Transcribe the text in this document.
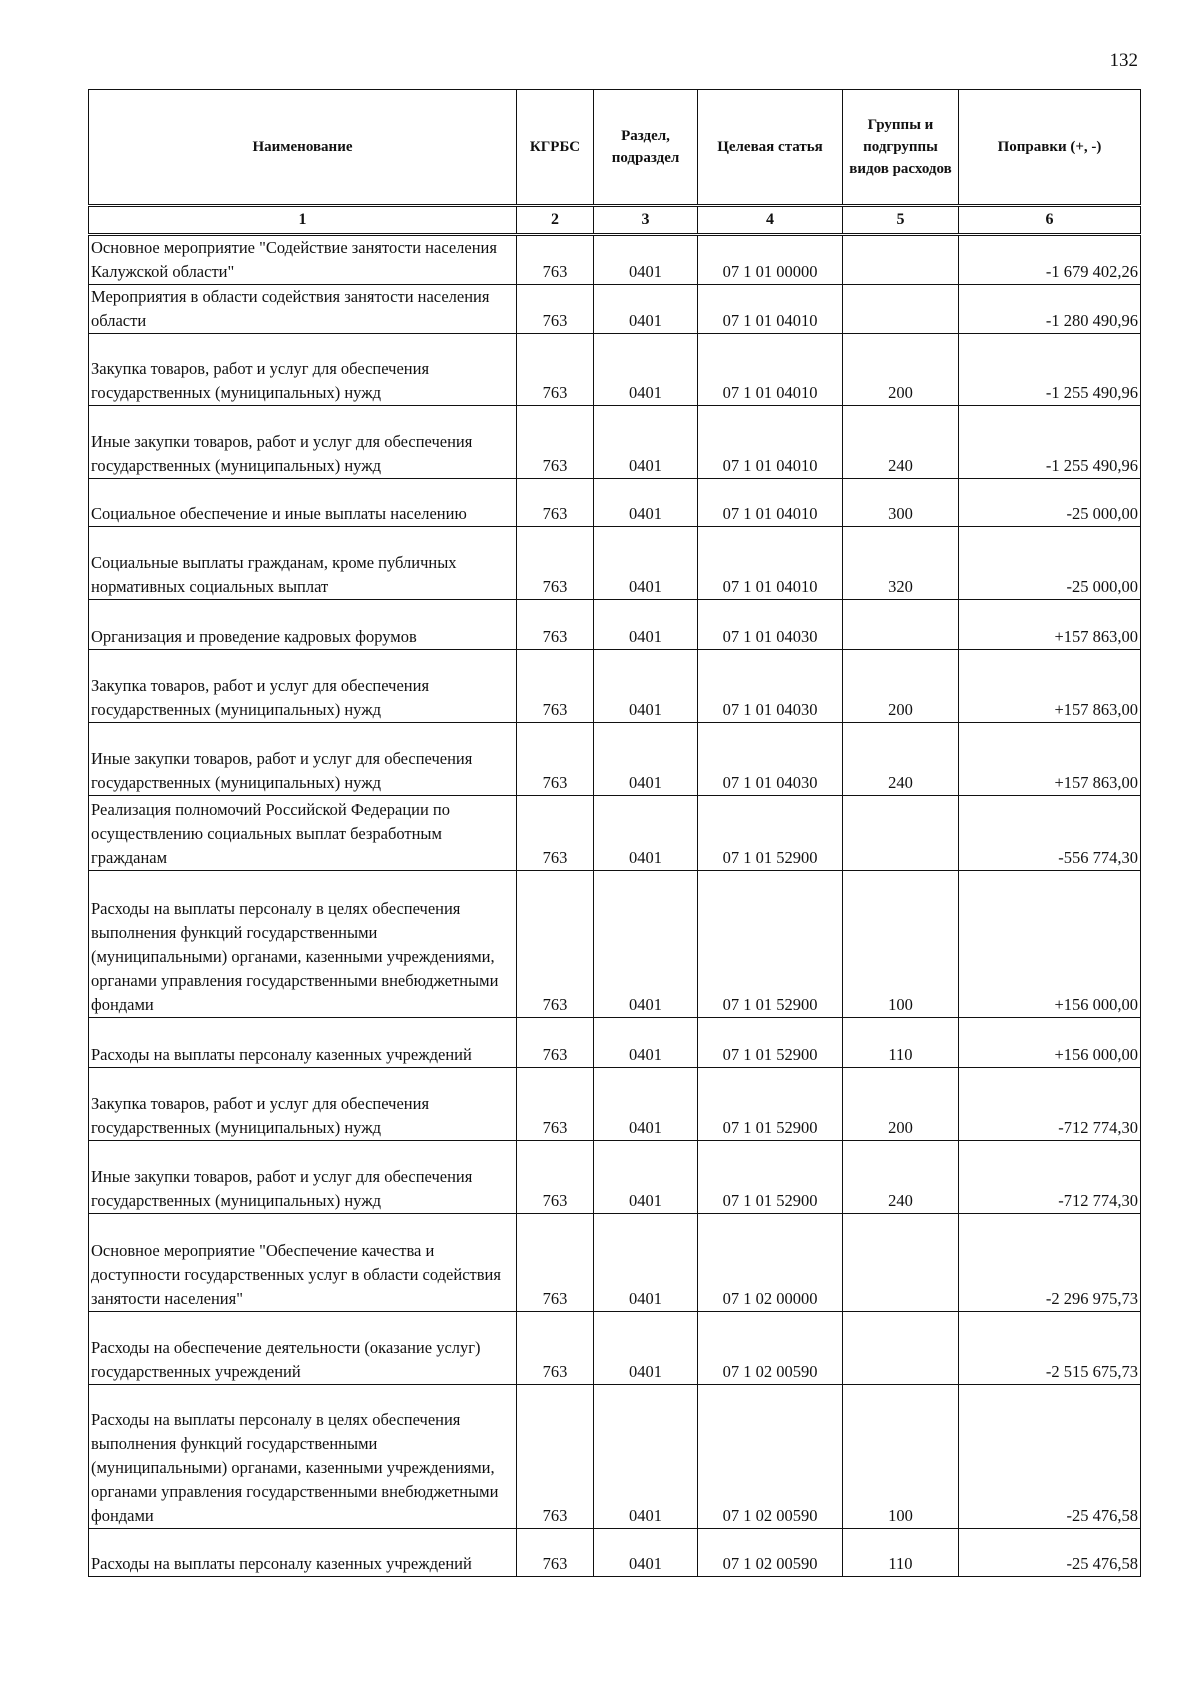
132
Наименование	КГРБС	Раздел, подраздел	Целевая статья	Группы и подгруппы видов расходов	Поправки (+, -)
1	2	3	4	5	6
Основное мероприятие "Содействие занятости населения Калужской области"	763	0401	07 1 01 00000		-1 679 402,26
Мероприятия в области содействия занятости населения области	763	0401	07 1 01 04010		-1 280 490,96
Закупка товаров, работ и услуг для обеспечения государственных (муниципальных) нужд	763	0401	07 1 01 04010	200	-1 255 490,96
Иные закупки товаров, работ и услуг для обеспечения государственных (муниципальных) нужд	763	0401	07 1 01 04010	240	-1 255 490,96
Социальное обеспечение и иные выплаты населению	763	0401	07 1 01 04010	300	-25 000,00
Социальные выплаты гражданам, кроме публичных нормативных социальных выплат	763	0401	07 1 01 04010	320	-25 000,00
Организация и проведение кадровых форумов	763	0401	07 1 01 04030		+157 863,00
Закупка товаров, работ и услуг для обеспечения государственных (муниципальных) нужд	763	0401	07 1 01 04030	200	+157 863,00
Иные закупки товаров, работ и услуг для обеспечения государственных (муниципальных) нужд	763	0401	07 1 01 04030	240	+157 863,00
Реализация полномочий Российской Федерации по осуществлению социальных выплат безработным гражданам	763	0401	07 1 01 52900		-556 774,30
Расходы на выплаты персоналу в целях обеспечения выполнения функций государственными (муниципальными) органами, казенными учреждениями, органами управления государственными внебюджетными фондами	763	0401	07 1 01 52900	100	+156 000,00
Расходы на выплаты персоналу казенных учреждений	763	0401	07 1 01 52900	110	+156 000,00
Закупка товаров, работ и услуг для обеспечения государственных (муниципальных) нужд	763	0401	07 1 01 52900	200	-712 774,30
Иные закупки товаров, работ и услуг для обеспечения государственных (муниципальных) нужд	763	0401	07 1 01 52900	240	-712 774,30
Основное мероприятие "Обеспечение качества и доступности государственных услуг в области содействия занятости населения"	763	0401	07 1 02 00000		-2 296 975,73
Расходы на обеспечение деятельности (оказание услуг) государственных учреждений	763	0401	07 1 02 00590		-2 515 675,73
Расходы на выплаты персоналу в целях обеспечения выполнения функций государственными (муниципальными) органами, казенными учреждениями, органами управления государственными внебюджетными фондами	763	0401	07 1 02 00590	100	-25 476,58
Расходы на выплаты персоналу казенных учреждений	763	0401	07 1 02 00590	110	-25 476,58
